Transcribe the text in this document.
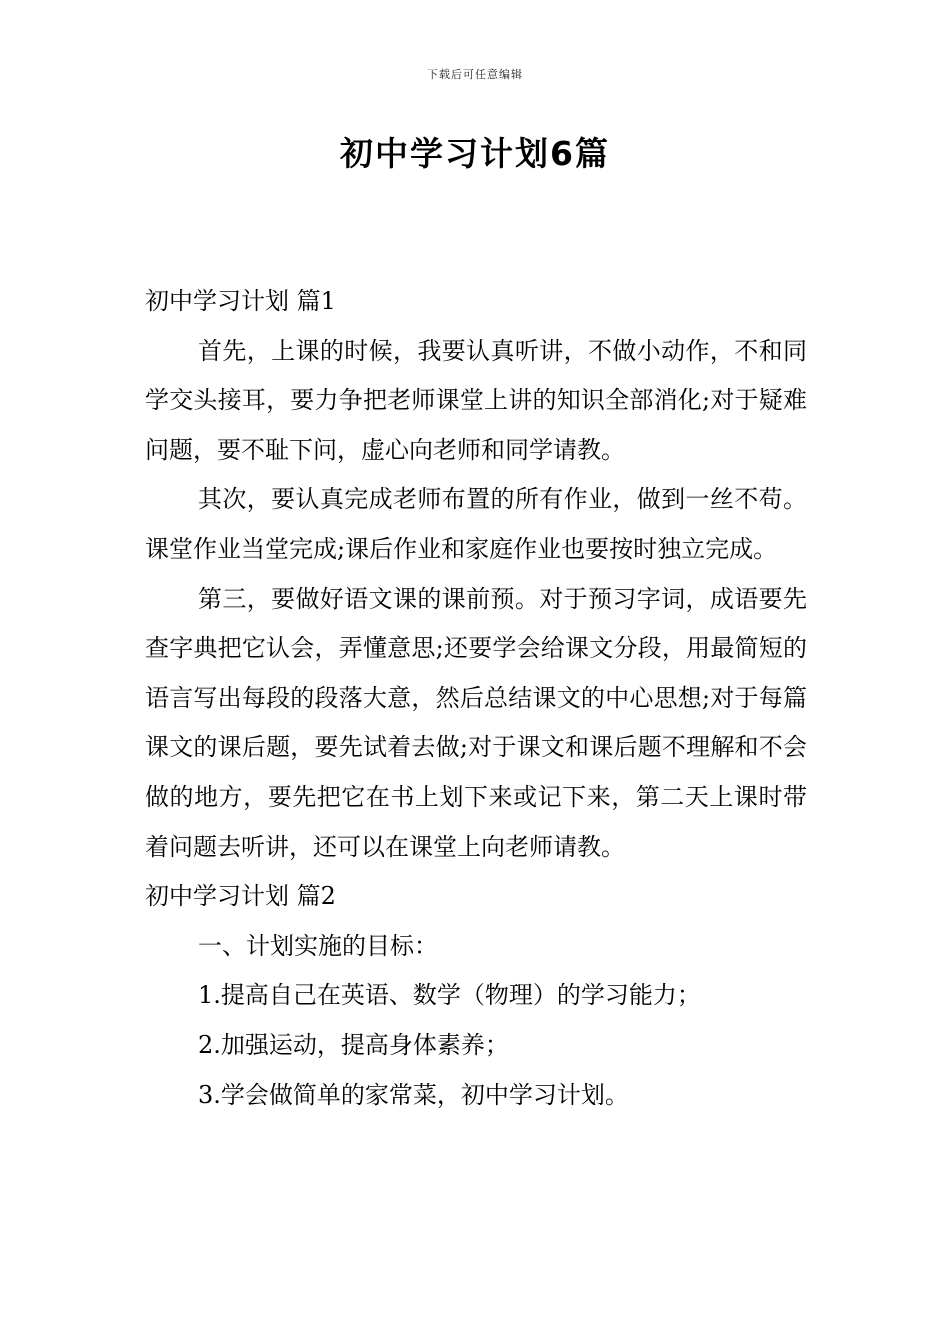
下载后可任意编辑
初中学习计划6篇

初中学习计划 篇1

首先，上课的时候，我要认真听讲，不做小动作，不和同学交头接耳，要力争把老师课堂上讲的知识全部消化;对于疑难问题，要不耻下问，虚心向老师和同学请教。

其次，要认真完成老师布置的所有作业，做到一丝不苟。课堂作业当堂完成;课后作业和家庭作业也要按时独立完成。

第三，要做好语文课的课前预。对于预习字词，成语要先查字典把它认会，弄懂意思;还要学会给课文分段，用最简短的语言写出每段的段落大意，然后总结课文的中心思想;对于每篇课文的课后题，要先试着去做;对于课文和课后题不理解和不会做的地方，要先把它在书上划下来或记下来，第二天上课时带着问题去听讲，还可以在课堂上向老师请教。

初中学习计划 篇2

一、计划实施的目标：

1.提高自己在英语、数学（物理）的学习能力；

2.加强运动，提高身体素养；

3.学会做简单的家常菜，初中学习计划。
